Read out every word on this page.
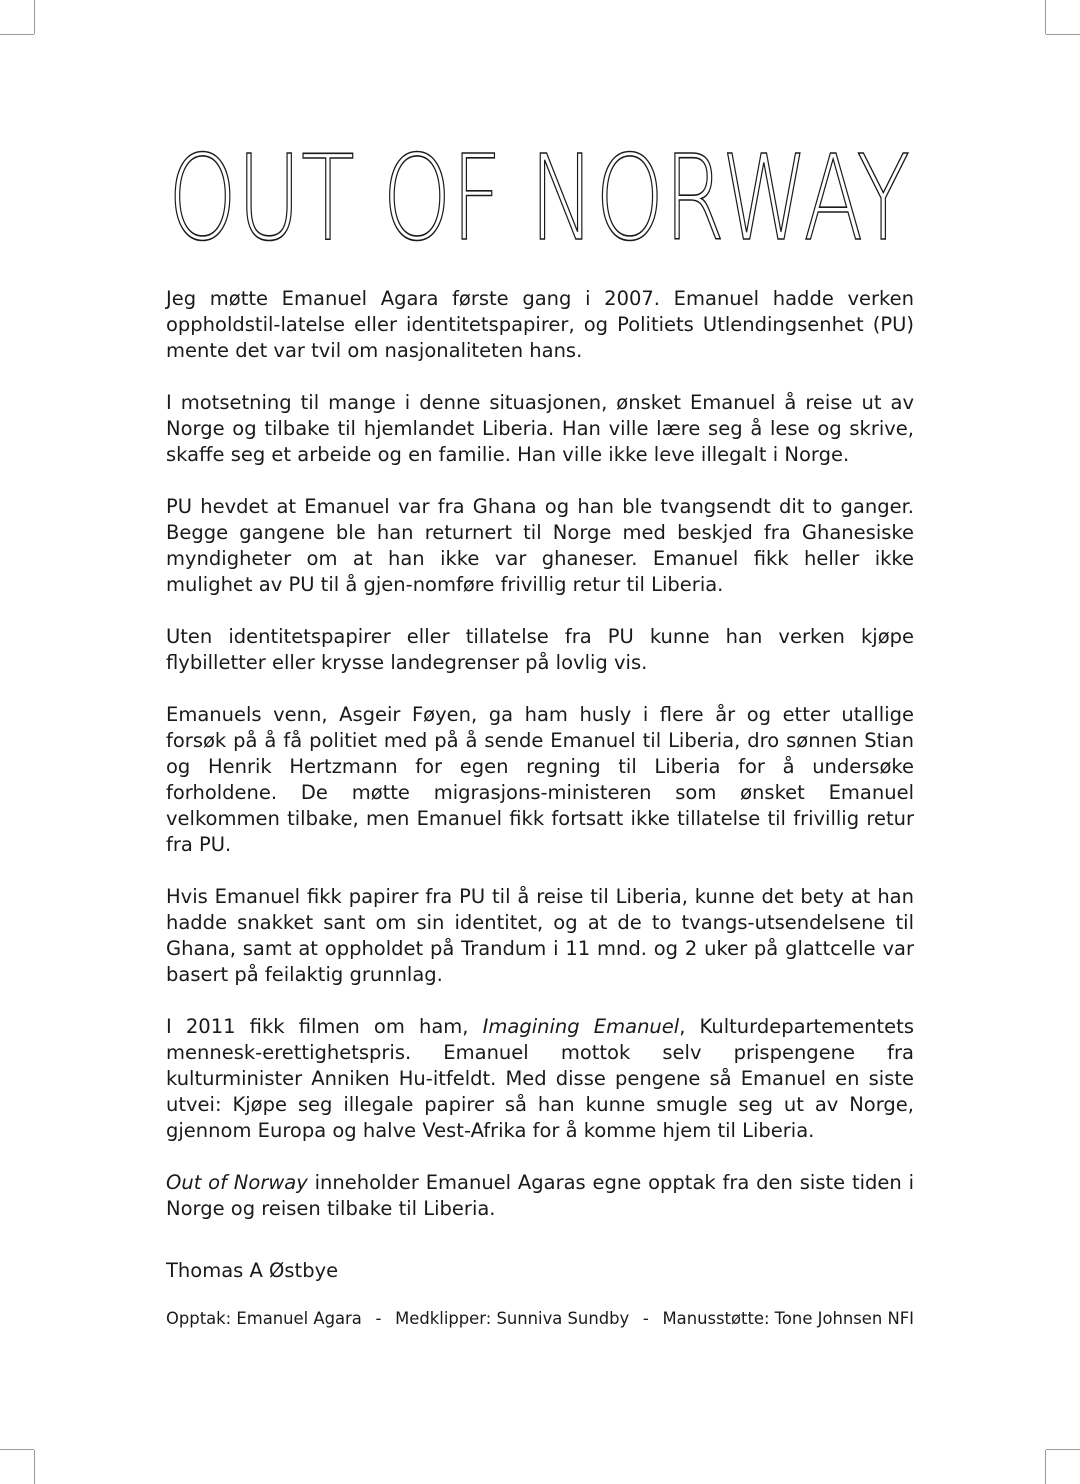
OUT OF NORWAY

Jeg møtte Emanuel Agara første gang i 2007. Emanuel hadde verken oppholdstil-latelse eller identitetspapirer, og Politiets Utlendingsenhet (PU) mente det var tvil om nasjonaliteten hans.

I motsetning til mange i denne situasjonen, ønsket Emanuel å reise ut av Norge og tilbake til hjemlandet Liberia. Han ville lære seg å lese og skrive, skaffe seg et arbeide og en familie. Han ville ikke leve illegalt i Norge.

PU hevdet at Emanuel var fra Ghana og han ble tvangsendt dit to ganger. Begge gangene ble han returnert til Norge med beskjed fra Ghanesiske myndigheter om at han ikke var ghaneser. Emanuel fikk heller ikke mulighet av PU til å gjen-nomføre frivillig retur til Liberia.

Uten identitetspapirer eller tillatelse fra PU kunne han verken kjøpe flybilletter eller krysse landegrenser på lovlig vis.

Emanuels venn, Asgeir Føyen, ga ham husly i flere år og etter utallige forsøk på å få politiet med på å sende Emanuel til Liberia, dro sønnen Stian og Henrik Hertzmann for egen regning til Liberia for å undersøke forholdene. De møtte migrasjons-ministeren som ønsket Emanuel velkommen tilbake, men Emanuel fikk fortsatt ikke tillatelse til frivillig retur fra PU.

Hvis Emanuel fikk papirer fra PU til å reise til Liberia, kunne det bety at han hadde snakket sant om sin identitet, og at de to tvangs-utsendelsene til Ghana, samt at oppholdet på Trandum i 11 mnd. og 2 uker på glattcelle var basert på feilaktig grunnlag.

I 2011 fikk filmen om ham, Imagining Emanuel, Kulturdepartementets mennesk-erettighetspris. Emanuel mottok selv prispengene fra kulturminister Anniken Hu-itfeldt. Med disse pengene så Emanuel en siste utvei: Kjøpe seg illegale papirer så han kunne smugle seg ut av Norge, gjennom Europa og halve Vest-Afrika for å komme hjem til Liberia.

Out of Norway inneholder Emanuel Agaras egne opptak fra den siste tiden i Norge og reisen tilbake til Liberia.

Thomas A Østbye

Opptak: Emanuel Agara - Medklipper: Sunniva Sundby - Manusstøtte: Tone Johnsen NFI
